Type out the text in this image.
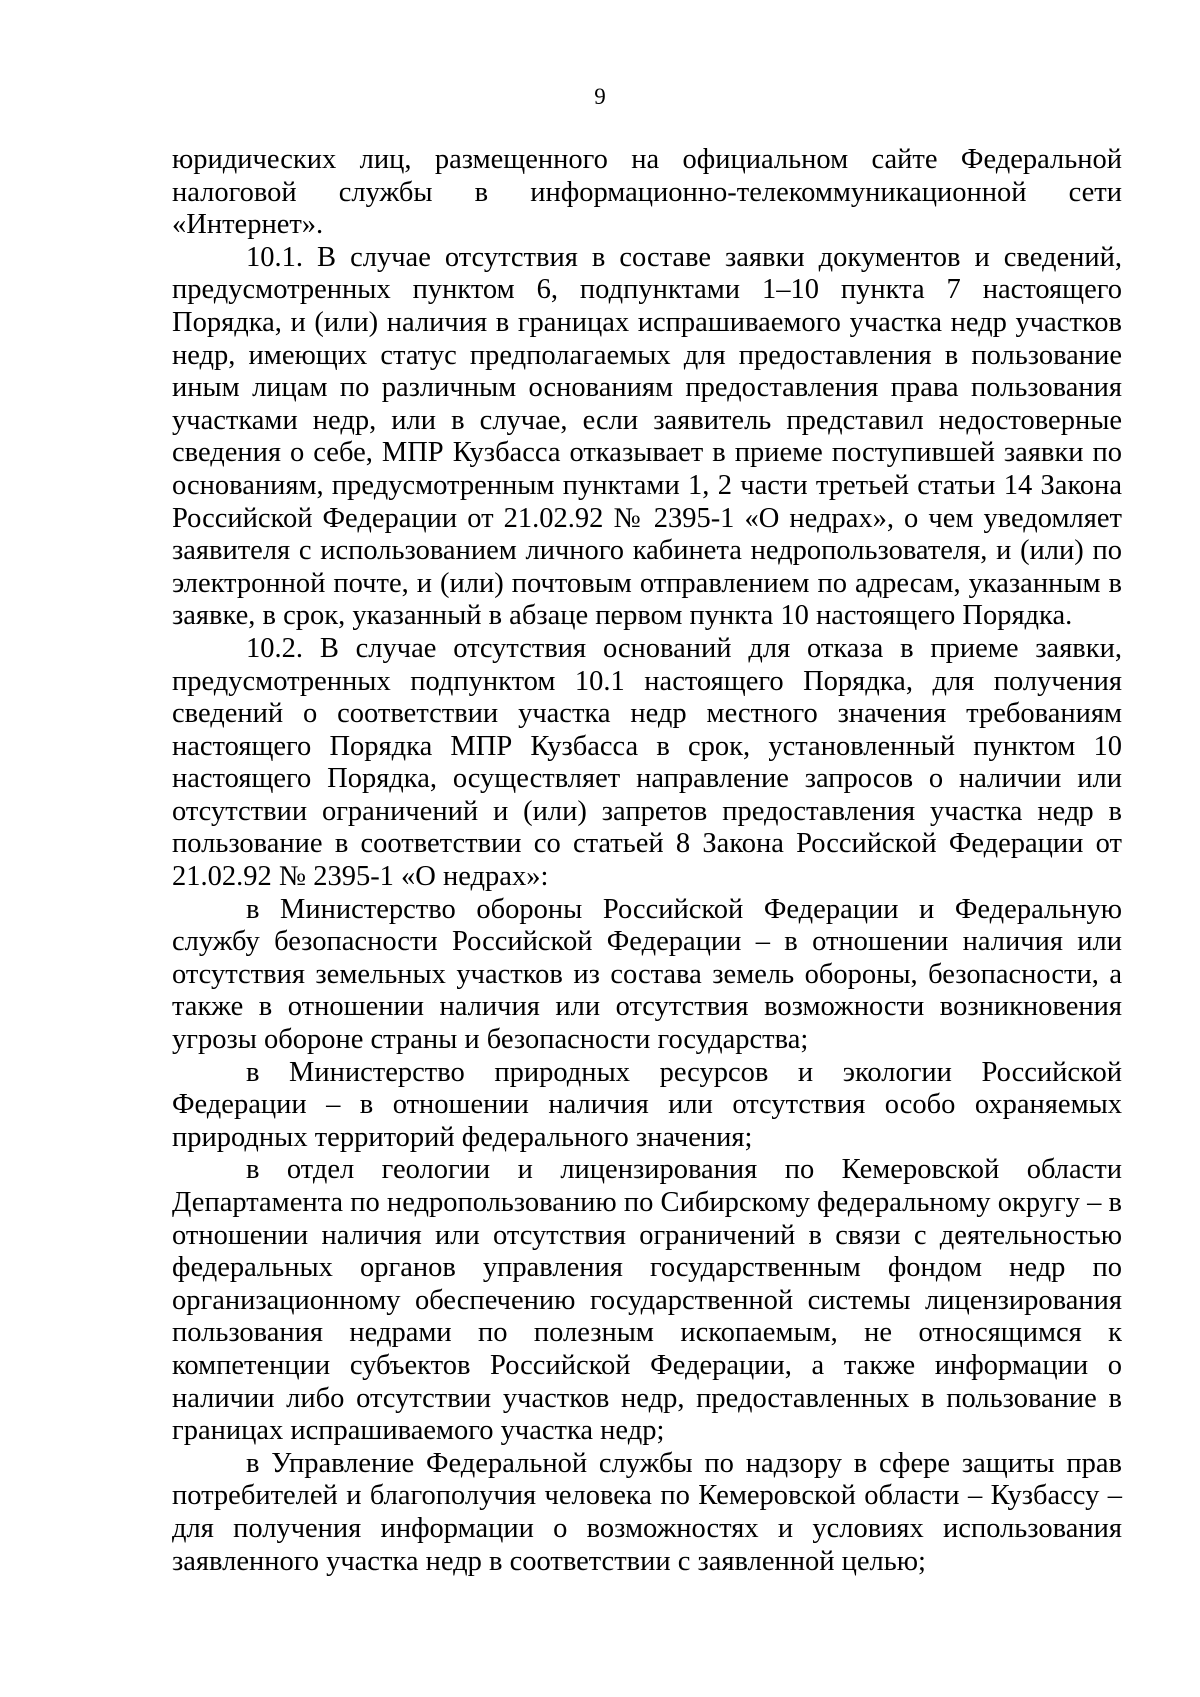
9

юридических лиц, размещенного на официальном сайте Федеральной налоговой службы в информационно-телекоммуникационной сети «Интернет».

10.1. В случае отсутствия в составе заявки документов и сведений, предусмотренных пунктом 6, подпунктами 1–10 пункта 7 настоящего Порядка, и (или) наличия в границах испрашиваемого участка недр участков недр, имеющих статус предполагаемых для предоставления в пользование иным лицам по различным основаниям предоставления права пользования участками недр, или в случае, если заявитель представил недостоверные сведения о себе, МПР Кузбасса отказывает в приеме поступившей заявки по основаниям, предусмотренным пунктами 1, 2 части третьей статьи 14 Закона Российской Федерации от 21.02.92 № 2395-1 «О недрах», о чем уведомляет заявителя с использованием личного кабинета недропользователя, и (или) по электронной почте, и (или) почтовым отправлением по адресам, указанным в заявке, в срок, указанный в абзаце первом пункта 10 настоящего Порядка.

10.2. В случае отсутствия оснований для отказа в приеме заявки, предусмотренных подпунктом 10.1 настоящего Порядка, для получения сведений о соответствии участка недр местного значения требованиям настоящего Порядка МПР Кузбасса в срок, установленный пунктом 10 настоящего Порядка, осуществляет направление запросов о наличии или отсутствии ограничений и (или) запретов предоставления участка недр в пользование в соответствии со статьей 8 Закона Российской Федерации от 21.02.92 № 2395-1 «О недрах»:

в Министерство обороны Российской Федерации и Федеральную службу безопасности Российской Федерации – в отношении наличия или отсутствия земельных участков из состава земель обороны, безопасности, а также в отношении наличия или отсутствия возможности возникновения угрозы обороне страны и безопасности государства;

в Министерство природных ресурсов и экологии Российской Федерации – в отношении наличия или отсутствия особо охраняемых природных территорий федерального значения;

в отдел геологии и лицензирования по Кемеровской области Департамента по недропользованию по Сибирскому федеральному округу – в отношении наличия или отсутствия ограничений в связи с деятельностью федеральных органов управления государственным фондом недр по организационному обеспечению государственной системы лицензирования пользования недрами по полезным ископаемым, не относящимся к компетенции субъектов Российской Федерации, а также информации о наличии либо отсутствии участков недр, предоставленных в пользование в границах испрашиваемого участка недр;

в Управление Федеральной службы по надзору в сфере защиты прав потребителей и благополучия человека по Кемеровской области – Кузбассу – для получения информации о возможностях и условиях использования заявленного участка недр в соответствии с заявленной целью;
